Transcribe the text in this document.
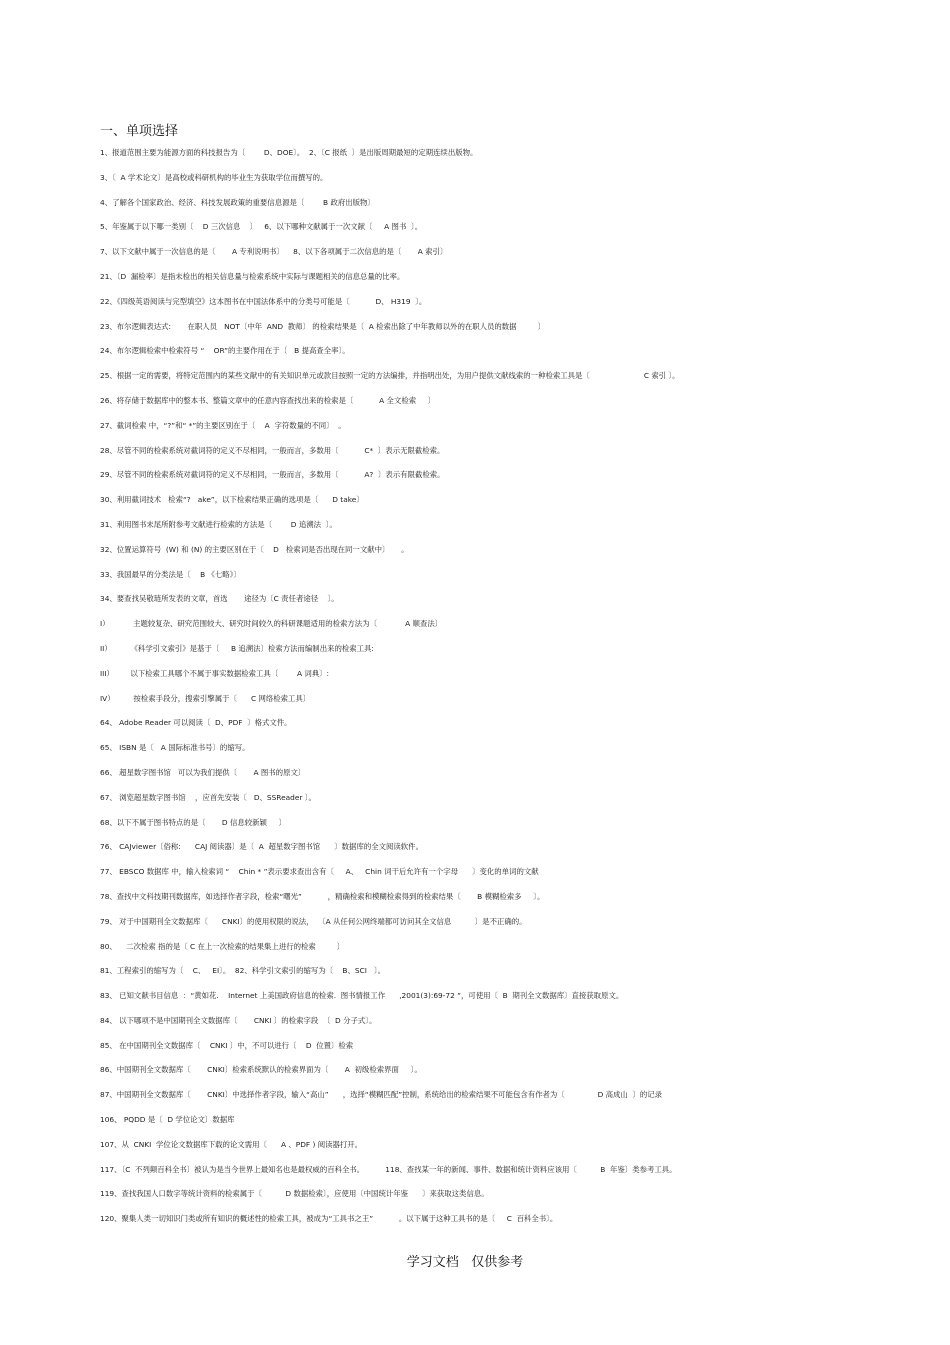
一、单项选择
1、报道范围主要为能源方面的科技报告为〔        D、DOE〕。  2、〔C 报纸  〕是出版周期最短的定期连续出版物。
3、〔  A 学术论文〕是高校或科研机构的毕业生为获取学位而撰写的。
4、了解各个国家政治、经济、科技发展政策的重要信息源是〔        B 政府出版物〕
5、年鉴属于以下哪一类别〔    D 三次信息    〕   6、以下哪种文献属于一次文献〔     A 图书  〕。
7、以下文献中属于一次信息的是〔       A 专利说明书〕    8、以下各项属于二次信息的是〔       A 索引〕
21、〔D  漏检率〕是指未检出的相关信息量与检索系统中实际与课题相关的信息总量的比率。
22、《四级英语阅读与完型填空》这本图书在中国法体系中的分类号可能是〔           D、 H319  〕。
23、布尔逻辑表达式:       在职人员   NOT〔中年  AND  教师〕 的检索结果是〔  A 检索出除了中年教师以外的在职人员的数据         〕
24、布尔逻辑检索中检索符号 “    OR”的主要作用在于〔   B 提高查全率〕。
25、根据一定的需要，将特定范围内的某些文献中的有关知识单元或款目按照一定的方法编排，并指明出处，为用户提供文献线索的一种检索工具是〔                       C 索引 〕。
26、将存储于数据库中的整本书、整篇文章中的任意内容查找出来的检索是〔           A 全文检索     〕
27、截词检索 中，“?”和“ *”的主要区别在于〔    A  字符数量的不同〕  。
28、尽管不同的检索系统对截词符的定义不尽相同，一般而言，多数用〔           C*  〕表示无限截检索。
29、尽管不同的检索系统对截词符的定义不尽相同，一般而言，多数用〔           A?  〕表示有限截检索。
30、利用截词技术   检索“?   ake”，以下检索结果正确的选项是〔      D take〕
31、利用图书末尾所附参考文献进行检索的方法是〔        D 追溯法  〕。
32、位置运算符号  (W) 和 (N) 的主要区别在于〔    D   检索词是否出现在同一文献中〕     。
33、我国最早的分类法是〔    B 《七略》〕
34、要查找吴敬琏所发表的文章，首选       途径为〔C 责任者途径    〕。
I）          主题较复杂、研究范围较大、研究时间较久的科研课题适用的检索方法为〔            A 顺查法〕
II）        《科学引文索引》是基于〔     B 追溯法〕检索方法而编制出来的检索工具:
III）       以下检索工具哪个不属于事实数据检索工具〔        A 词典〕:
IV）        按检索手段分，搜索引擎属于〔      C 网络检索工具〕
64、 Adobe Reader 可以阅读〔  D、PDF  〕格式文件。
65、 ISBN 是〔   A 国际标准书号〕的缩写。
66、 超星数字图书馆   可以为我们提供〔       A 图书的原文〕
67、 浏览超星数字图书馆    ，应首先安装〔   D、SSReader 〕。
68、以下不属于图书特点的是〔       D 信息较新颖     〕
76、 CAJviewer〔俗称:      CAJ 阅读器〕是〔  A  超星数字图书馆      〕数据库的全文阅读软件。
77、 EBSCO 数据库 中，输入检索词 “    Chin * ”表示要求查出含有〔     A、   Chin 词干后允许有一个字母      〕变化的单词的文献
78、查找中文科技期刊数据库，如选择作者字段，检索“曙光”           ，精确检索和模糊检索得到的检索结果〔       B 模糊检索多     〕。
79、 对于中国期刊全文数据库〔      CNKI〕的使用权限的说法，  〔A 从任何公网终端都可访问其全文信息          〕是不正确的。
80、    二次检索 指的是〔 C 在上一次检索的结果集上进行的检索         〕
81、工程索引的缩写为〔    C、   EI〕。  82、科学引文索引的缩写为〔    B、SCI   〕。
83、 已知文献书目信息  ：“黄如花.    Internet 上美国政府信息的检索.  图书情报工作      ,2001(3):69-72 ”，可使用〔  B  期刊全文数据库〕直接获取原文。
84、 以下哪项不是中国期刊全文数据库〔       CNKI 〕的检索字段  〔  D 分子式〕。
85、 在中国期刊全文数据库〔    CNKI 〕中，不可以进行〔    D  位置〕检索
86、中国期刊全文数据库〔       CNKI〕检索系统默认的检索界面为〔       A  初级检索界面     〕。
87、中国期刊全文数据库〔       CNKI〕中选择作者字段，输入“高山”      ，选择“模糊匹配”控制，系统给出的检索结果不可能包含有作者为〔              D 高成山  〕的记录
106、 PQDD 是〔  D 学位论文〕数据库
107、从  CNKI  学位论文数据库下载的论文需用〔      A 、PDF ) 阅读器打开。
117、〔C  不列颠百科全书〕被认为是当今世界上最知名也是最权威的百科全书。         118、查找某一年的新闻、事件、数据和统计资料应该用〔          B  年鉴〕类参考工具。
119、查找我国人口数字等统计资料的检索属于〔          D 数据检索〕，应使用〔中国统计年鉴      〕来获取这类信息。
120、聚集人类一切知识门类或所有知识的概述性的检索工具，被成为“工具书之王”           。以下属于这种工具书的是〔     C  百科全书〕。
学习文档   仅供参考
